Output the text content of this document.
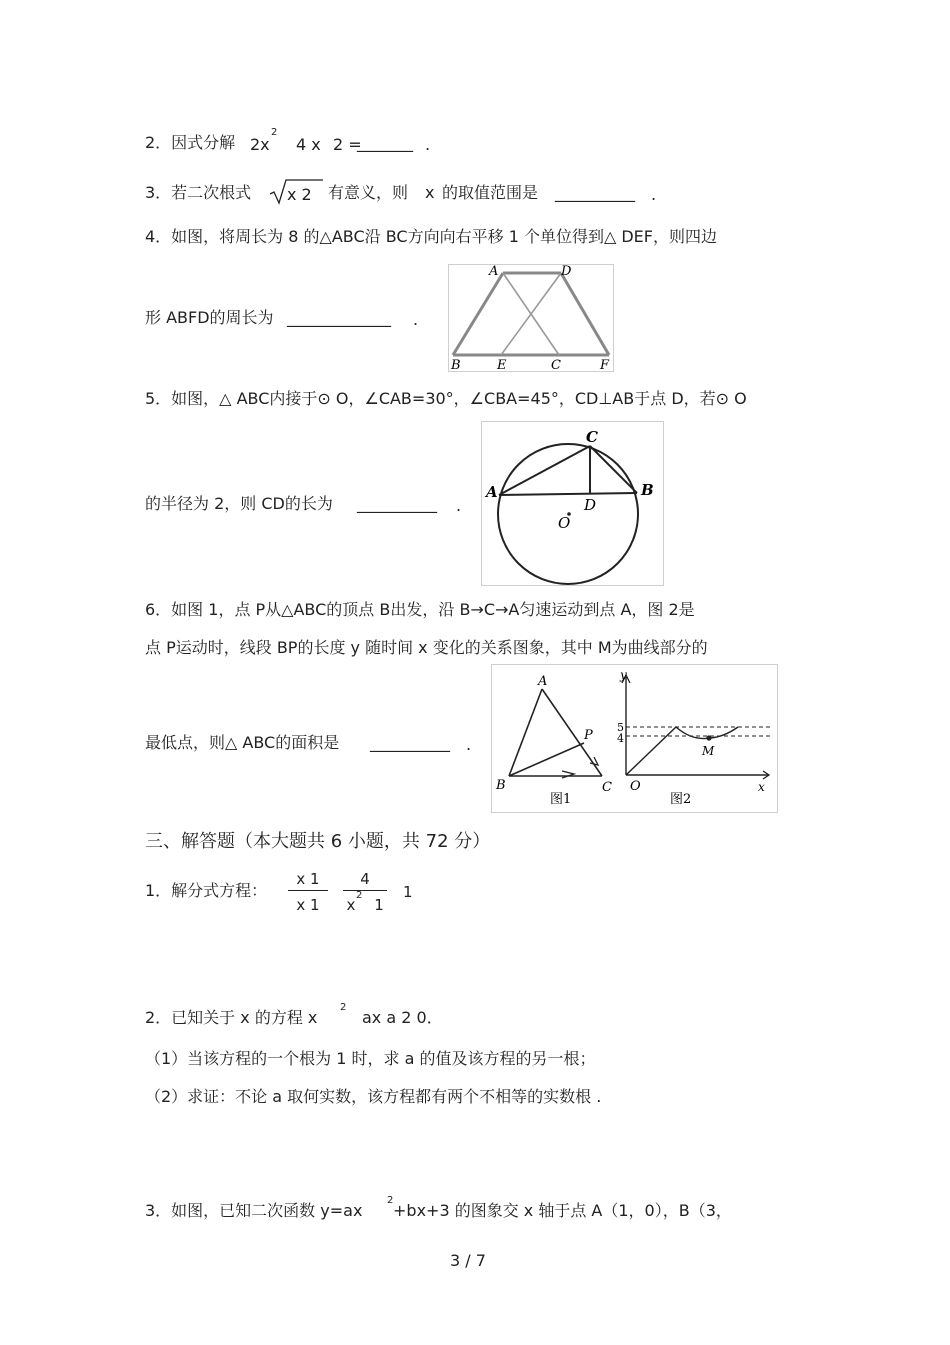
2．因式分解 2x
2
4 x 2 =
_______ .
3．若二次根式 x 2 有意义，则 x 的取值范围是 __________ .
4．如图，将周长为 8 的△ABC沿 BC方向向右平移 1 个单位得到△ DEF，则四边
形 ABFD的周长为 _____________ .
A	D
B	E	C	F
5．如图，△ ABC内接于⊙ O，∠CAB=30°，∠CBA=45°，CD⊥AB于点 D，若⊙ O
的半径为 2，则 CD的长为 __________ .
A
C
B
D
O
6．如图 1，点 P从△ABC的顶点 B出发，沿 B→C→A匀速运动到点 A，图 2是
点 P运动时，线段 BP的长度 y 随时间 x 变化的关系图象，其中 M为曲线部分的
最低点，则△ ABC的面积是 __________ .
A
B	C
P
图1
y
x
O
5
4
M
图2
三、解答题（本大题共 6 小题，共 72 分）
1．解分式方程：
x 1
x 1
4
x
2
1
1
2．已知关于 x 的方程 x
2
ax a 2 0．
（1）当该方程的一个根为 1 时，求 a 的值及该方程的另一根；
（2）求证：不论 a 取何实数，该方程都有两个不相等的实数根 .
3．如图，已知二次函数 y=ax
2
+bx+3 的图象交 x 轴于点 A（1，0），B（3，
3 / 7
